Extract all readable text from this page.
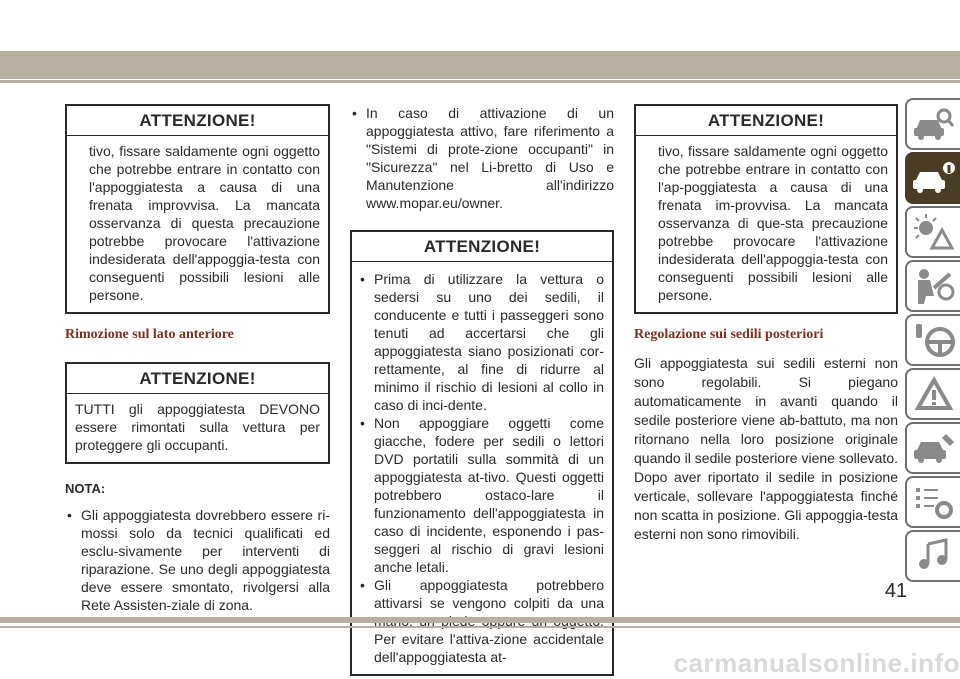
ATTENZIONE!
tivo, fissare saldamente ogni oggetto che potrebbe entrare in contatto con l'appoggiatesta a causa di una frenata improvvisa. La mancata osservanza di questa precauzione potrebbe provocare l'attivazione indesiderata dell'appoggia-testa con conseguenti possibili lesioni alle persone.
Rimozione sul lato anteriore
ATTENZIONE!
TUTTI gli appoggiatesta DEVONO essere rimontati sulla vettura per proteggere gli occupanti.
NOTA:
• Gli appoggiatesta dovrebbero essere ri-mossi solo da tecnici qualificati ed esclu-sivamente per interventi di riparazione. Se uno degli appoggiatesta deve essere smontato, rivolgersi alla Rete Assisten-ziale di zona.
• In caso di attivazione di un appoggiatesta attivo, fare riferimento a "Sistemi di prote-zione occupanti" in "Sicurezza" nel Li-bretto di Uso e Manutenzione all'indirizzo www.mopar.eu/owner.
ATTENZIONE!
• Prima di utilizzare la vettura o sedersi su uno dei sedili, il conducente e tutti i passeggeri sono tenuti ad accertarsi che gli appoggiatesta siano posizionati cor-rettamente, al fine di ridurre al minimo il rischio di lesioni al collo in caso di inci-dente.
• Non appoggiare oggetti come giacche, fodere per sedili o lettori DVD portatili sulla sommità di un appoggiatesta at-tivo. Questi oggetti potrebbero ostaco-lare il funzionamento dell'appoggiatesta in caso di incidente, esponendo i pas-seggeri al rischio di gravi lesioni anche letali.
• Gli appoggiatesta potrebbero attivarsi se vengono colpiti da una Per evitare l'attiva-zione accidentale dell'appoggiatesta at-
ATTENZIONE!
tivo, fissare saldamente ogni oggetto che potrebbe entrare in contatto con l'ap-poggiatesta a causa di una frenata im-provvisa. La mancata osservanza di que-sta precauzione potrebbe provocare l'attivazione indesiderata dell'appoggia-testa con conseguenti possibili lesioni alle persone.
Regolazione sui sedili posteriori

Gli appoggiatesta sui sedili esterni non sono regolabili. Si piegano automaticamente in avanti quando il sedile posteriore viene ab-battuto, ma non ritornano nella loro posizione originale quando il sedile posteriore viene sollevato. Dopo aver riportato il sedile in posizione verticale, sollevare l'appoggiatesta finché non scatta in posizione. Gli appoggia-testa esterni non sono rimovibili.

41
carmanualsonline.info
